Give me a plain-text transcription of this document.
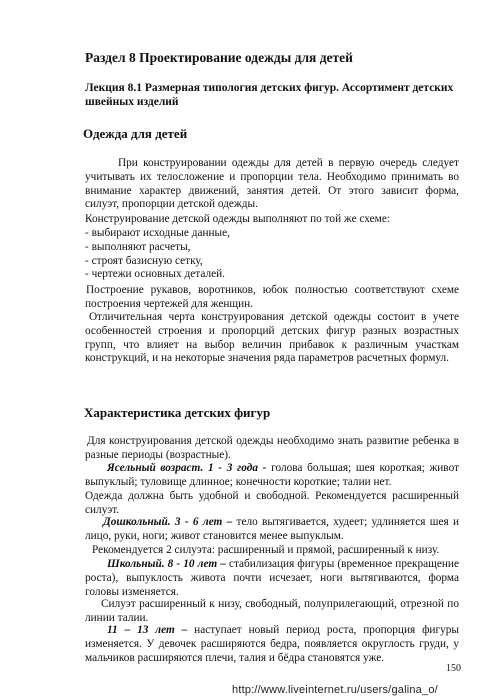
Раздел 8 Проектирование одежды для детей
Лекция 8.1 Размерная типология детских фигур. Ассортимент детских швейных изделий
Одежда для детей
При конструировании одежды для детей в первую очередь следует учитывать их телосложение и пропорции тела. Необходимо принимать во внимание характер движений, занятия детей. От этого зависит форма, силуэт, пропорции детской одежды.
Конструирование детской одежды выполняют по той же схеме:
- выбирают исходные данные,
- выполняют расчеты,
- строят базисную сетку,
- чертежи основных деталей.
Построение рукавов, воротников, юбок полностью соответствуют схеме построения чертежей для женщин.
Отличительная черта конструирования детской одежды состоит в учете особенностей строения и пропорций детских фигур разных возрастных групп, что влияет на выбор величин прибавок к различным участкам конструкций, и на некоторые значения ряда параметров расчетных формул.
Характеристика детских фигур
Для конструирования детской одежды необходимо знать развитие ребенка в разные периоды (возрастные).
Ясельный возраст. 1 - 3 года - голова большая; шея короткая; живот выпуклый; туловище длинное; конечности короткие; талии нет.
Одежда должна быть удобной и свободной. Рекомендуется расширенный силуэт.
Дошкольный. 3 - 6 лет – тело вытягивается, худеет; удлиняется шея и лицо, руки, ноги; живот становится менее выпуклым.
Рекомендуется 2 силуэта: расширенный и прямой, расширенный к низу.
Школьный. 8 - 10 лет – стабилизация фигуры (временное прекращение роста), выпуклость живота почти исчезает, ноги вытягиваются, форма головы изменяется.
Силуэт расширенный к низу, свободный, полуприлегающий, отрезной по линии талии.
11 – 13 лет – наступает новый период роста, пропорция фигуры изменяется. У девочек расширяются бедра, появляется округлость груди, у мальчиков расширяются плечи, талия и бёдра становятся уже.
150
http://www.liveinternet.ru/users/galina_o/
